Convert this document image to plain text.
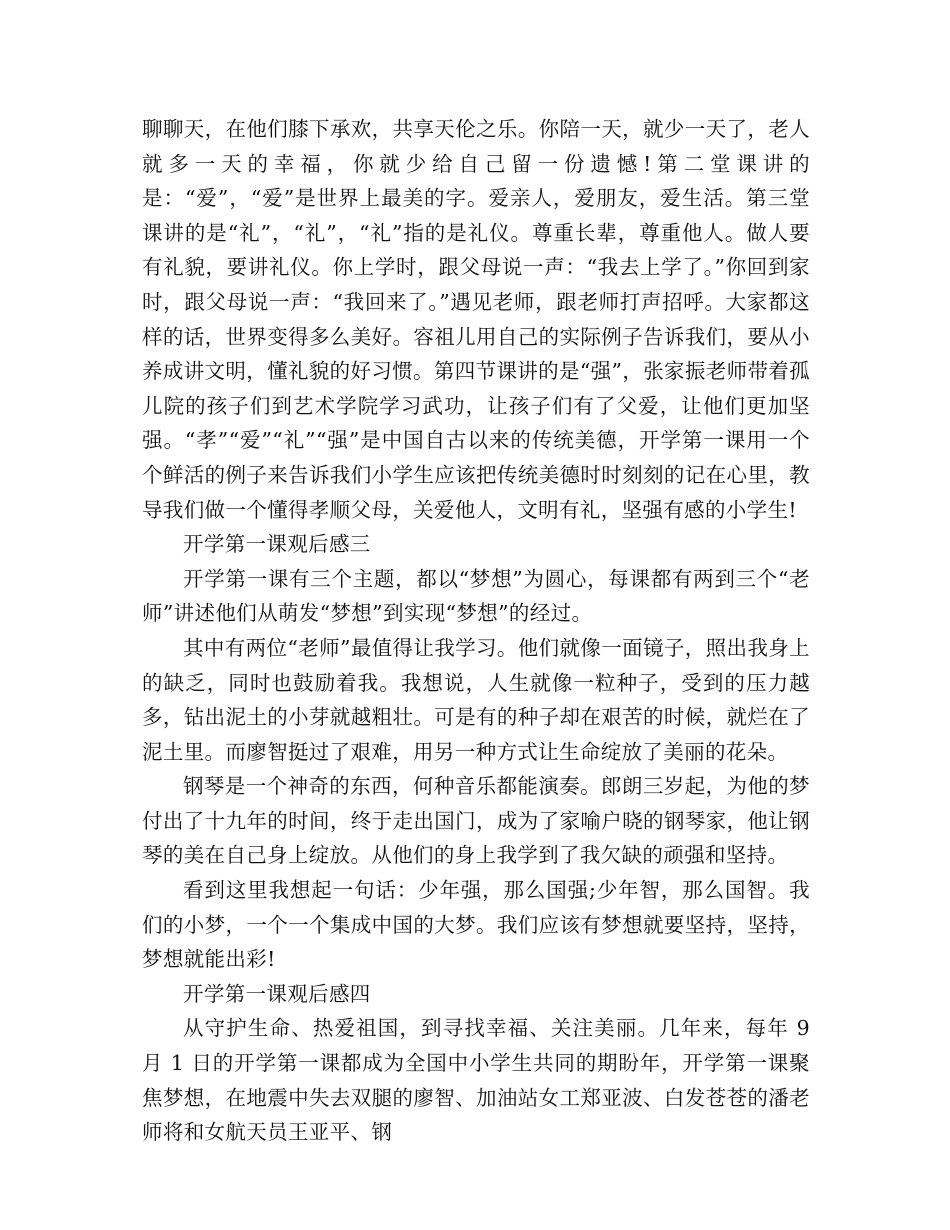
聊聊天，在他们膝下承欢，共享天伦之乐。你陪一天，就少一天了，老人就多一天的幸福，你就少给自己留一份遗憾!第二堂课讲的是：“爱”，“爱”是世界上最美的字。爱亲人，爱朋友，爱生活。第三堂课讲的是“礼”，“礼”，“礼”指的是礼仪。尊重长辈，尊重他人。做人要有礼貌，要讲礼仪。你上学时，跟父母说一声：“我去上学了。”你回到家时，跟父母说一声：“我回来了。”遇见老师，跟老师打声招呼。大家都这样的话，世界变得多么美好。容祖儿用自己的实际例子告诉我们，要从小养成讲文明，懂礼貌的好习惯。第四节课讲的是“强”，张家振老师带着孤儿院的孩子们到艺术学院学习武功，让孩子们有了父爱，让他们更加坚强。“孝”“爱”“礼”“强”是中国自古以来的传统美德，开学第一课用一个个鲜活的例子来告诉我们小学生应该把传统美德时时刻刻的记在心里，教导我们做一个懂得孝顺父母，关爱他人，文明有礼，坚强有感的小学生!

开学第一课观后感三

开学第一课有三个主题，都以“梦想”为圆心，每课都有两到三个“老师”讲述他们从萌发“梦想”到实现“梦想”的经过。

其中有两位“老师”最值得让我学习。他们就像一面镜子，照出我身上的缺乏，同时也鼓励着我。我想说，人生就像一粒种子，受到的压力越多，钻出泥土的小芽就越粗壮。可是有的种子却在艰苦的时候，就烂在了泥土里。而廖智挺过了艰难，用另一种方式让生命绽放了美丽的花朵。

钢琴是一个神奇的东西，何种音乐都能演奏。郎朗三岁起，为他的梦付出了十九年的时间，终于走出国门，成为了家喻户晓的钢琴家，他让钢琴的美在自己身上绽放。从他们的身上我学到了我欠缺的顽强和坚持。

看到这里我想起一句话：少年强，那么国强;少年智，那么国智。我们的小梦，一个一个集成中国的大梦。我们应该有梦想就要坚持，坚持，梦想就能出彩!

开学第一课观后感四

从守护生命、热爱祖国，到寻找幸福、关注美丽。几年来，每年 9 月 1 日的开学第一课都成为全国中小学生共同的期盼年，开学第一课聚焦梦想，在地震中失去双腿的廖智、加油站女工郑亚波、白发苍苍的潘老师将和女航天员王亚平、钢
